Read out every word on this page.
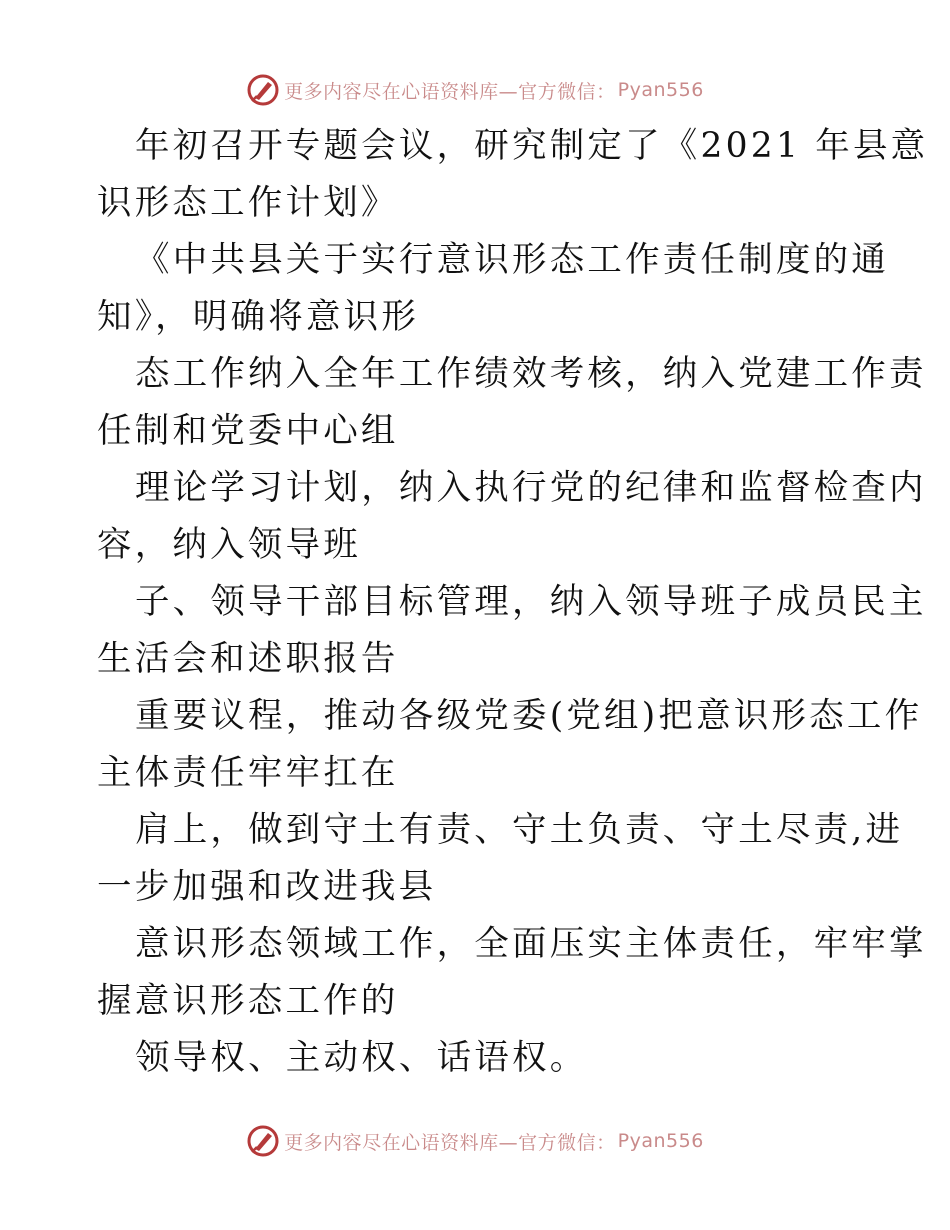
更多内容尽在心语资料库—官方微信： Pyan556

年初召开专题会议，研究制定了《2021 年县意
识形态工作计划》

《中共县关于实行意识形态工作责任制度的通
知》，明确将意识形

态工作纳入全年工作绩效考核，纳入党建工作责
任制和党委中心组

理论学习计划，纳入执行党的纪律和监督检查内
容，纳入领导班

子、领导干部目标管理，纳入领导班子成员民主
生活会和述职报告

重要议程，推动各级党委(党组)把意识形态工作
主体责任牢牢扛在

肩上，做到守土有责、守土负责、守土尽责,进
一步加强和改进我县

意识形态领域工作，全面压实主体责任，牢牢掌
握意识形态工作的

领导权、主动权、话语权。

更多内容尽在心语资料库—官方微信： Pyan556
